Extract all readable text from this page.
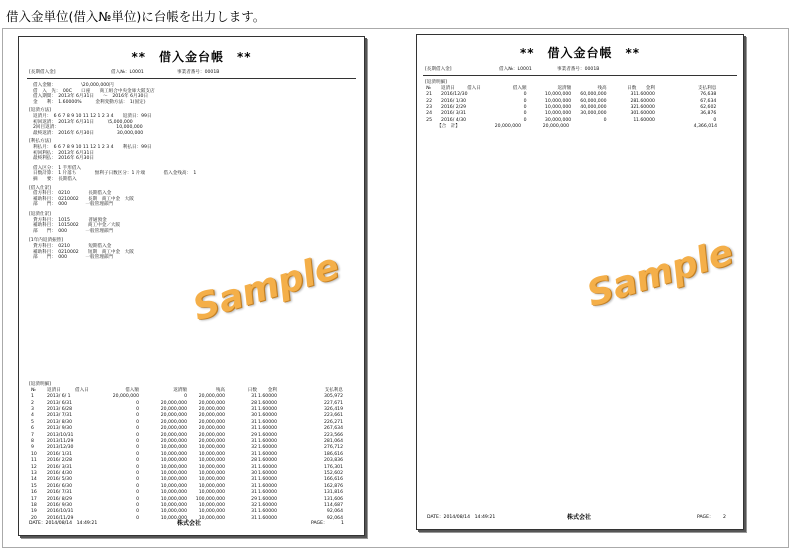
借入金単位(借入№単位)に台帳を出力します。
**　借入金台帳　**
[長期借入金]	借入№：L0001	事業者番号：0001B
借入金額：　　　　　　\20,000,000円
借　入　先：　00C　　口座　　商工組合中央金庫大阪支店
借入期間：　2013年 6月31日　　～　2016年 6月30日
金　　利：　1.60000%　　　金利変動方法：　1(固定)
[返済方法]
返済月：　6 6 7 8 9 10 11 12 1 2 3 4　　返済日：99日
初回返済：　2013年 6月31日　　　\5,000,000
2回目返済：　　　　　　　　　　　　　10,000,000
最終返済：　2016年 6月30日　　　　　30,000,000
[利払方法]
利払月：　6 6 7 8 9 10 11 12 1 2 3 4　　利払日：99日
初回利払：　2013年 6月31日
最終利払：　2016年 6月30日
借入区分：　1 手形借入
日数計算：　1 片落ち　　　　無利子日数区分：1 片端　　　　借入金残高：　1
摘　　要：　長期借入
[借入仕訳]
借方科目：　0210　　　　長期借入金
補助科目：　0210002　　長期　商工中金　大阪
部　　門：　000　　　　一般管理部門
[返済仕訳]
貸方科目：　1015　　　　普通預金
補助科目：　1015002　　商工中金／大阪
部　　門：　000　　　　一般管理部門
[1年内返済振替]
貸方科目：　0210　　　　短期借入金
補助科目：　0210002　　短期　商工中金　大阪
部　　門：　000　　　　一般管理部門
[返済明細]
№ 返済日	借入日	借入額	返済額	残高	日数	金利	支払利息
1	2013/ 6/ 1	20,000,000	0	20,000,000	31 1.60000	305,972
2	2013/ 6/31	0	20,000,000	20,000,000	28 1.60000	227,671
3	2013/ 6/28	0	20,000,000	20,000,000	31 1.60000	326,419
4	2013/ 7/31	0	20,000,000	20,000,000	30 1.60000	223,661
5	2013/ 8/30	0	20,000,000	20,000,000	31 1.60000	226,271
6	2013/ 9/30	0	20,000,000	20,000,000	31 1.60000	267,634
7	2013/10/31	0	20,000,000	20,000,000	29 1.60000	223,566
8	2013/11/29	0	20,000,000	20,000,000	31 1.60000	281,064
9	2013/12/30	0	10,000,000	10,000,000	32 1.60000	276,712
10 2016/ 1/31	0	10,000,000	10,000,000	31 1.60000	186,616
11 2016/ 2/28	0	10,000,000	10,000,000	28 1.60000	203,836
12 2016/ 3/31	0	10,000,000	10,000,000	31 1.60000	176,301
13 2016/ 4/30	0	10,000,000	10,000,000	30 1.60000	152,602
14 2016/ 5/30	0	10,000,000	10,000,000	31 1.60000	166,616
15 2016/ 6/30	0	10,000,000	10,000,000	31 1.60000	162,876
16 2016/ 7/31	0	10,000,000	10,000,000	31 1.60000	131,816
17 2016/ 8/29	0	10,000,000	100,000,000	29 1.60000	131,606
18 2016/ 9/30	0	10,000,000	10,000,000	32 1.60000	114,687
19 2016/10/31	0	10,000,000	10,000,000	31 1.60000	92,064
20 2016/11/29	0	10,000,000	10,000,000	31 1.60000	92,064
Sample
DATE：2014/08/14　14:49:21	株式会社	PAGE：	1
**　借入金台帳　**
[長期借入金]	借入№：L0001	事業者番号：0001B
[返済明細]
№ 返済日	借入日	借入額	返済額	残高	日数	金利	支払利息
21 2016/12/30	0	10,000,000	60,000,000	31 1.60000	76,638
22 2016/ 1/30	0	10,000,000	60,000,000	28 1.60000	67,634
23 2016/ 2/29	0	10,000,000	40,000,000	32 1.60000	62,602
24 2016/ 3/31	0	10,000,000	30,000,000	30 1.60000	36,876
25 2016/ 4/30	0	30,000,000	0	1 1.60000	0
【合　計】	20,000,000	20,000,000	4,366,014
Sample
DATE：2014/08/14　14:49:21	株式会社	PAGE： 2
